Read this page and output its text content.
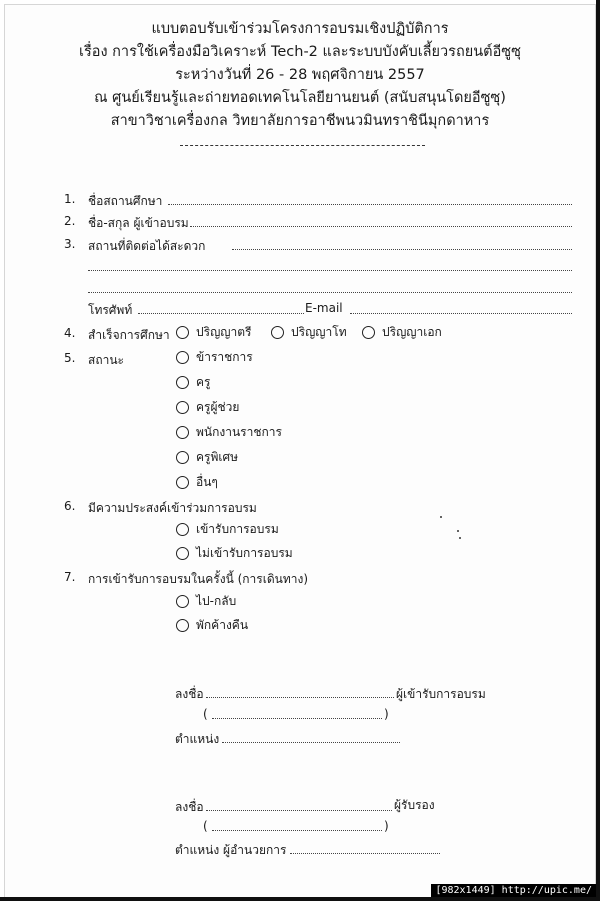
แบบตอบรับเข้าร่วมโครงการอบรมเชิงปฏิบัติการ
เรื่อง การใช้เครื่องมือวิเคราะห์ Tech-2 และระบบบังคับเลี้ยวรถยนต์อีซูซุ
ระหว่างวันที่ 26 - 28 พฤศจิกายน 2557
ณ ศูนย์เรียนรู้และถ่ายทอดเทคโนโลยียานยนต์ (สนับสนุนโดยอีซูซุ)
สาขาวิชาเครื่องกล วิทยาลัยการอาชีพนวมินทราชินีมุกดาหาร
1. ชื่อสถานศึกษา
2. ชื่อ-สกุล ผู้เข้าอบรม
3. สถานที่ติดต่อได้สะดวก
โทรศัพท์	E-mail
4. สำเร็จการศึกษา ปริญญาตรี	ปริญญาโท	ปริญญาเอก
5. สถานะ	ข้าราชการ
ครู
ครูผู้ช่วย
พนักงานราชการ
ครูพิเศษ
อื่นๆ
6. มีความประสงค์เข้าร่วมการอบรม
เข้ารับการอบรม
ไม่เข้ารับการอบรม
7. การเข้ารับการอบรมในครั้งนี้ (การเดินทาง)
ไป-กลับ
พักค้างคืน
ลงชื่อ	ผู้เข้ารับการอบรม
(	)
ตำแหน่ง
ลงชื่อ	ผู้รับรอง
(	)
ตำแหน่ง ผู้อำนวยการ
[982x1449] http://upic.me/
